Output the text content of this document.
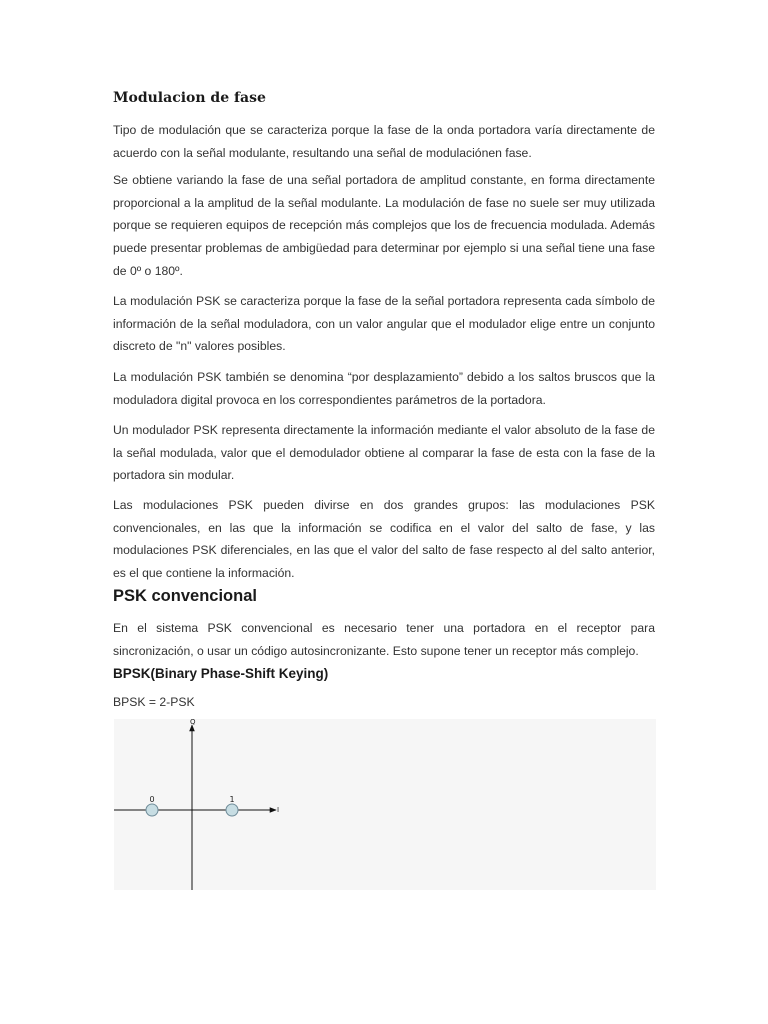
Modulacion de fase

Tipo de modulación que se caracteriza porque la fase de la onda portadora varía directamente de acuerdo con la señal modulante, resultando una señal de modulaciónen fase.

Se obtiene variando la fase de una señal portadora de amplitud constante, en forma directamente proporcional a la amplitud de la señal modulante. La modulación de fase no suele ser muy utilizada porque se requieren equipos de recepción más complejos que los de frecuencia modulada. Además puede presentar problemas de ambigüedad para determinar por ejemplo si una señal tiene una fase de 0º o 180º.

La modulación PSK se caracteriza porque la fase de la señal portadora representa cada símbolo de información de la señal moduladora, con un valor angular que el modulador elige entre un conjunto discreto de "n" valores posibles.

La modulación PSK también se denomina “por desplazamiento” debido a los saltos bruscos que la moduladora digital provoca en los correspondientes parámetros de la portadora.

Un modulador PSK representa directamente la información mediante el valor absoluto de la fase de la señal modulada, valor que el demodulador obtiene al comparar la fase de esta con la fase de la portadora sin modular.

Las modulaciones PSK pueden divirse en dos grandes grupos: las modulaciones PSK convencionales, en las que la información se codifica en el valor del salto de fase, y las modulaciones PSK diferenciales, en las que el valor del salto de fase respecto al del salto anterior, es el que contiene la información.

PSK convencional

En el sistema PSK convencional es necesario tener una portadora en el receptor para sincronización, o usar un código autosincronizante. Esto supone tener un receptor más complejo.

BPSK(Binary Phase-Shift Keying)

BPSK = 2-PSK

Q
I
0	1
